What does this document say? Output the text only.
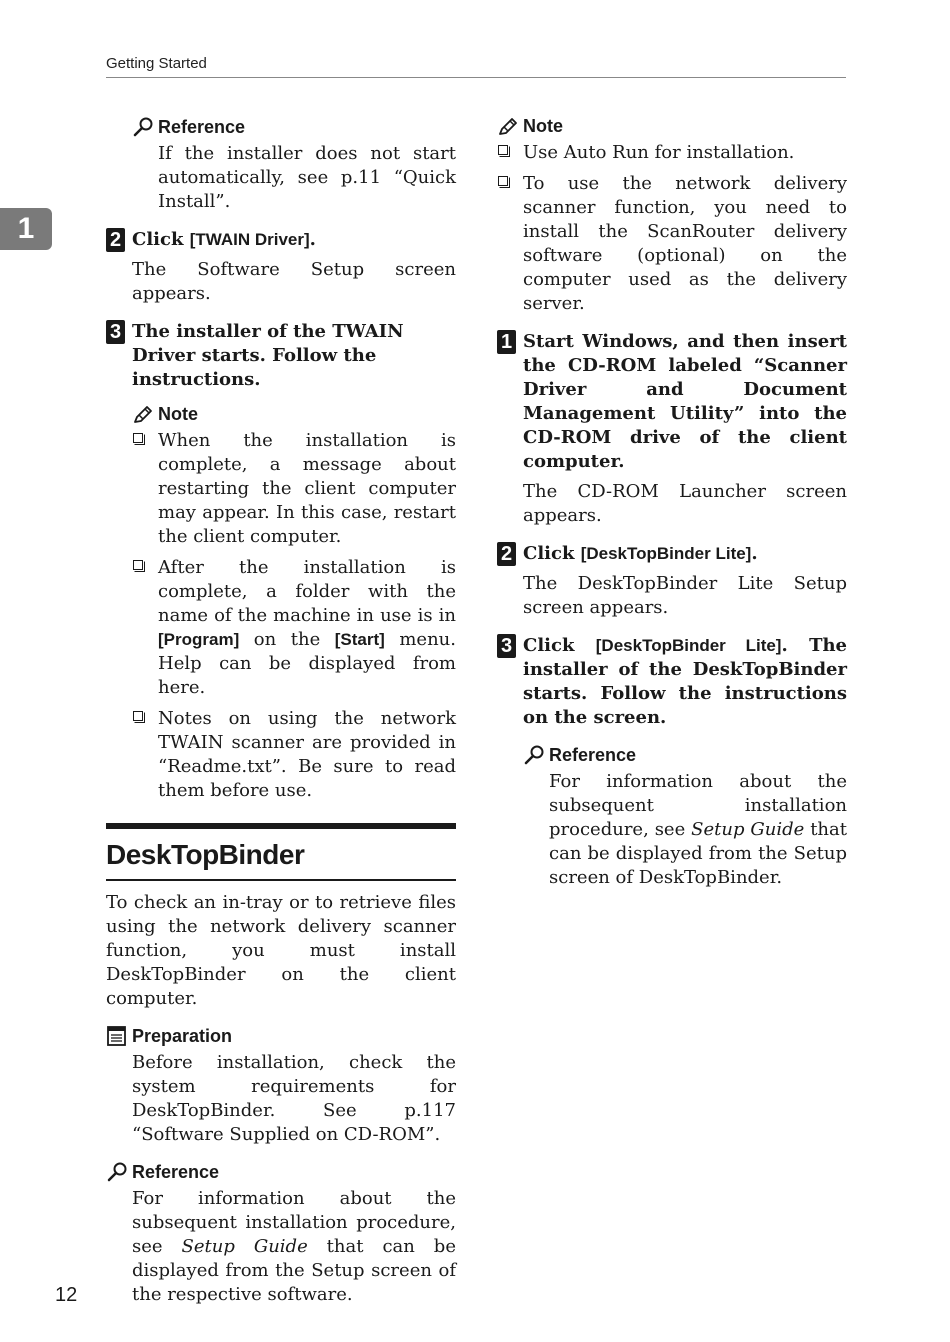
Getting Started
1
Reference
If the installer does not start automatically, see p.11 “Quick Install”.
2 Click [TWAIN Driver].
The Software Setup screen appears.
3 The installer of the TWAIN Driver starts. Follow the instructions.
Note
When the installation is complete, a message about restarting the client computer may appear. In this case, restart the client computer.
After the installation is complete, a folder with the name of the machine in use is in [Program] on the [Start] menu. Help can be displayed from here.
Notes on using the network TWAIN scanner are provided in “Readme.txt”. Be sure to read them before use.
DeskTopBinder
To check an in-tray or to retrieve files using the network delivery scanner function, you must install DeskTopBinder on the client computer.
Preparation
Before installation, check the system requirements for DeskTopBinder. See p.117 “Software Supplied on CD-ROM”.
Reference
For information about the subsequent installation procedure, see Setup Guide that can be displayed from the Setup screen of the respective software.
Note
Use Auto Run for installation.
To use the network delivery scanner function, you need to install the ScanRouter delivery software (optional) on the computer used as the delivery server.
1 Start Windows, and then insert the CD-ROM labeled “Scanner Driver and Document Management Utility” into the CD-ROM drive of the client computer.
The CD-ROM Launcher screen appears.
2 Click [DeskTopBinder Lite].
The DeskTopBinder Lite Setup screen appears.
3 Click [DeskTopBinder Lite]. The installer of the DeskTopBinder starts. Follow the instructions on the screen.
Reference
For information about the subsequent installation procedure, see Setup Guide that can be displayed from the Setup screen of DeskTopBinder.
12
